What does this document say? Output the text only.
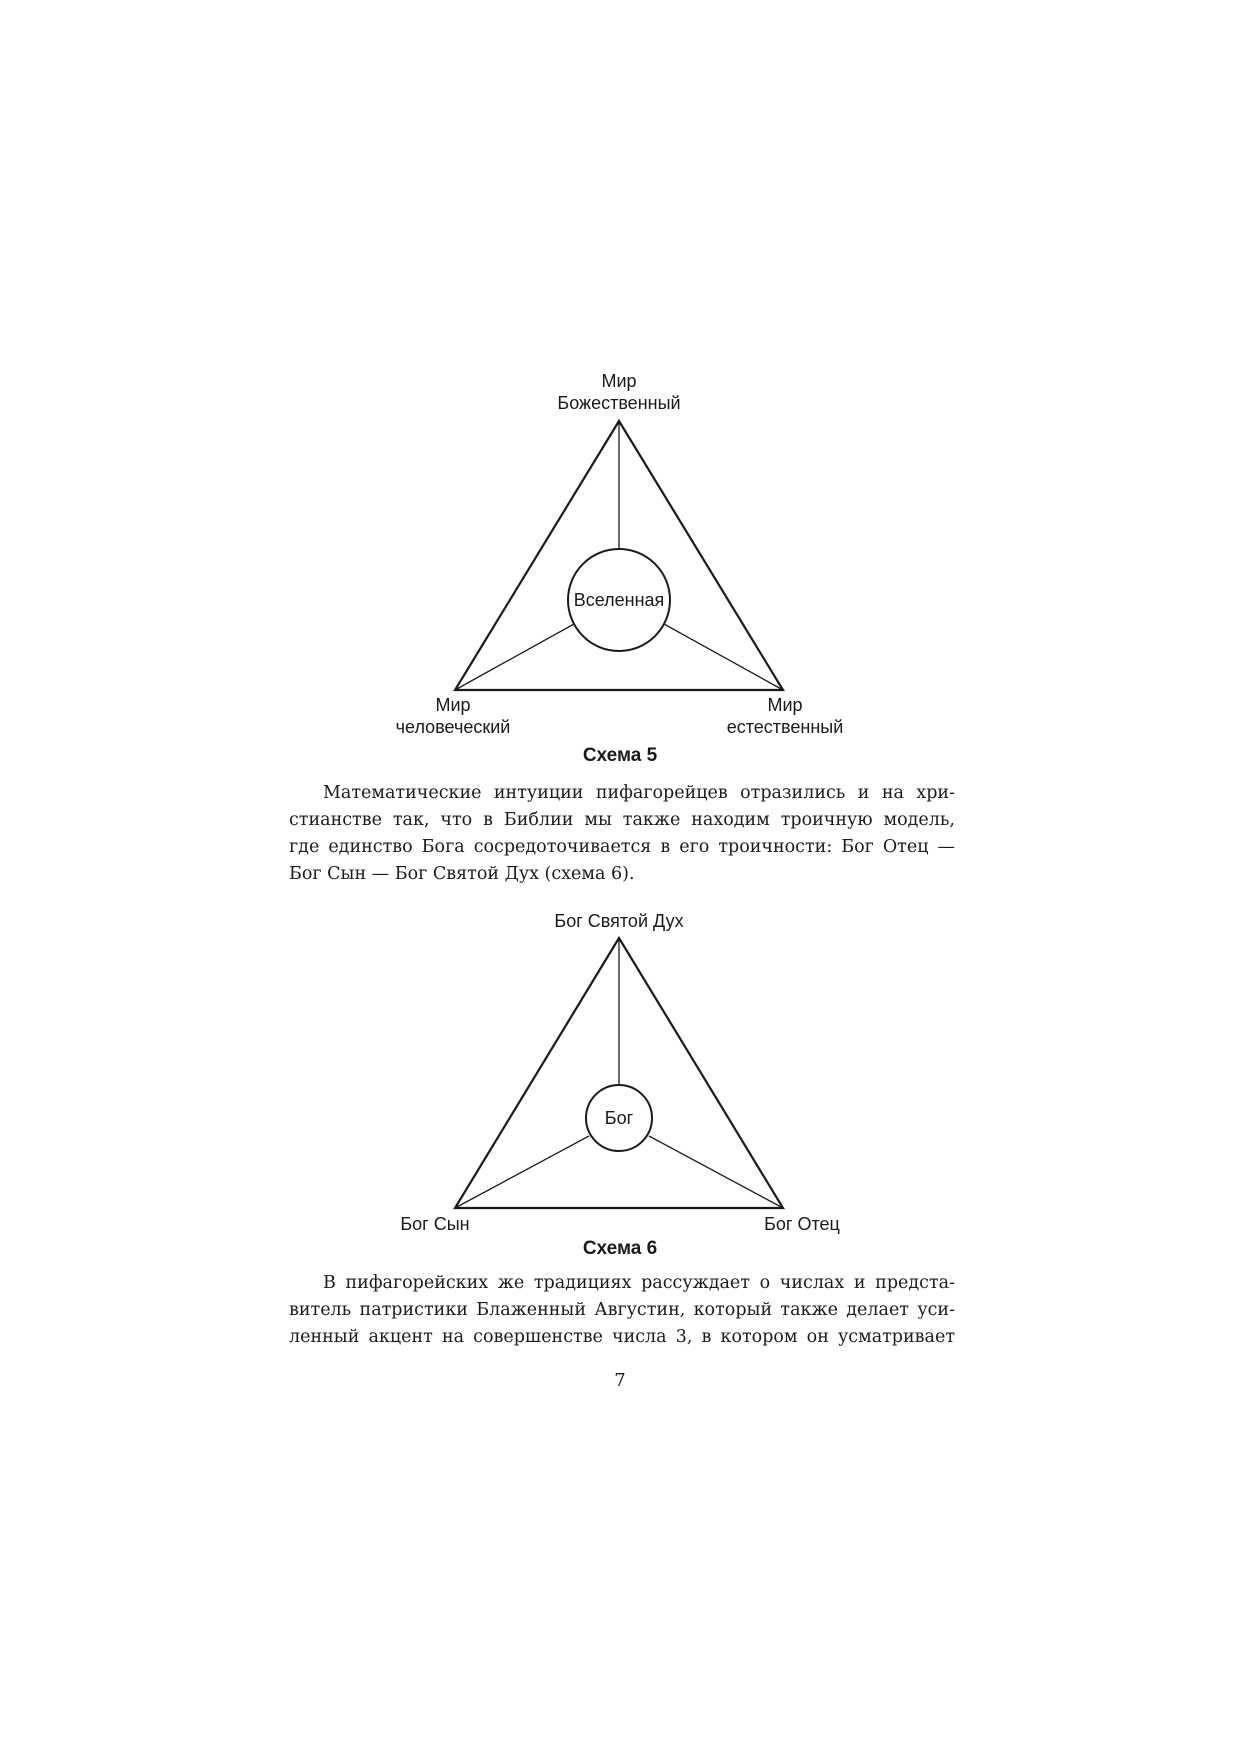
Мир
Божественный
Вселенная
Мир
человеческий
Мир
естественный
Схема 5
Математические интуиции пифагорейцев отразились и на хри-
стианстве так, что в Библии мы также находим троичную модель,
где единство Бога сосредоточивается в его троичности: Бог Отец —
Бог Сын — Бог Святой Дух (схема 6).
Бог Святой Дух
Бог
Бог Сын	Бог Отец
Схема 6
В пифагорейских же традициях рассуждает о числах и предста-
витель патристики Блаженный Августин, который также делает уси-
ленный акцент на совершенстве числа 3, в котором он усматривает
7
